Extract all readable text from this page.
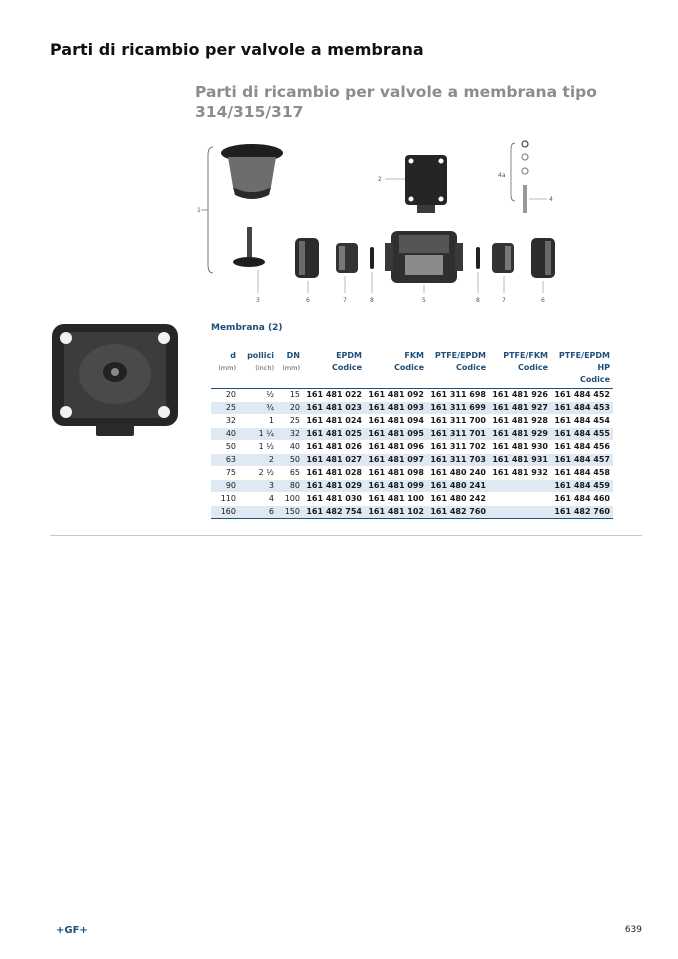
Parti di ricambio per valvole a membrana
Parti di ricambio per valvole a membrana tipo 314/315/317
1
3
2
4a
4
6	7	8	5	8	7	6
Membrana (2)
d	pollici	DN	EPDM	FKM	PTFE/EPDM	PTFE/FKM	PTFE/EPDM
(mm)	(inch)	(mm)	Codice	Codice	Codice	Codice	HP
							Codice
20	½	15	161 481 022	161 481 092	161 311 698	161 481 926	161 484 452
25	¾	20	161 481 023	161 481 093	161 311 699	161 481 927	161 484 453
32	1	25	161 481 024	161 481 094	161 311 700	161 481 928	161 484 454
40	1 ¼	32	161 481 025	161 481 095	161 311 701	161 481 929	161 484 455
50	1 ½	40	161 481 026	161 481 096	161 311 702	161 481 930	161 484 456
63	2	50	161 481 027	161 481 097	161 311 703	161 481 931	161 484 457
75	2 ½	65	161 481 028	161 481 098	161 480 240	161 481 932	161 484 458
90	3	80	161 481 029	161 481 099	161 480 241		161 484 459
110	4	100	161 481 030	161 481 100	161 480 242		161 484 460
160	6	150	161 482 754	161 481 102	161 482 760		161 482 760
+GF+	639
